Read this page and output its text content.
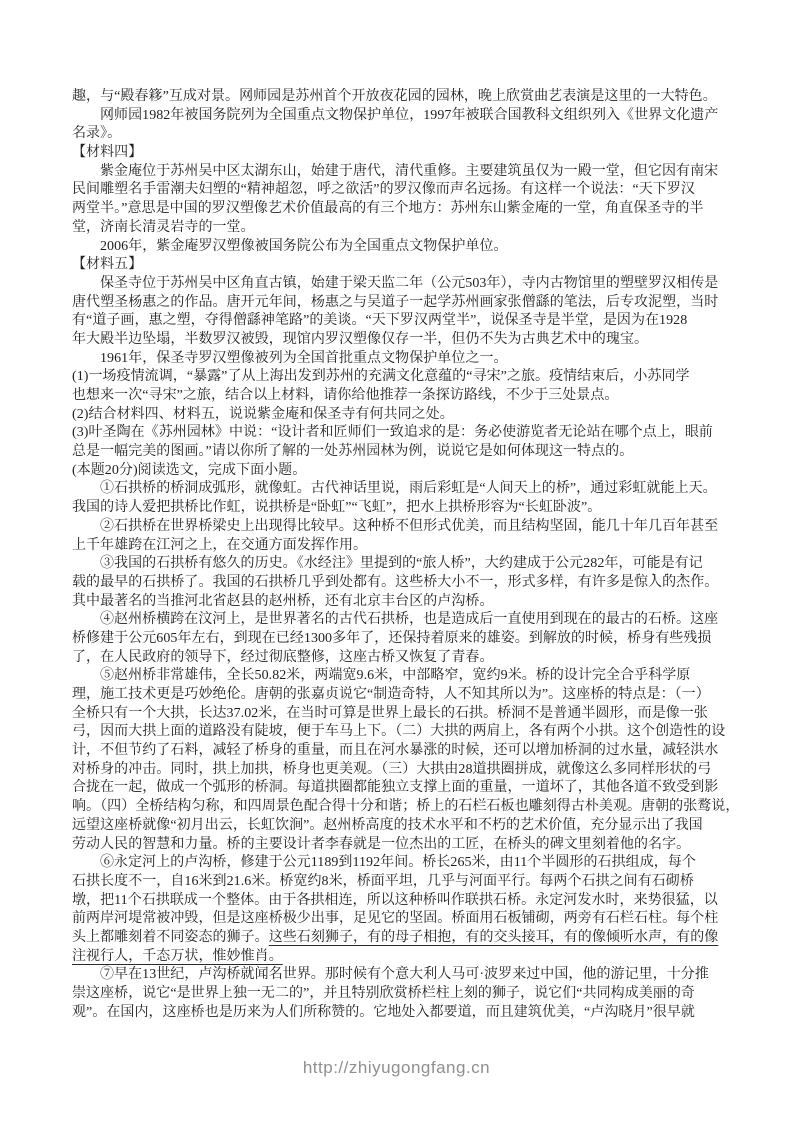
趣，与“殿春簃”互成对景。网师园是苏州首个开放夜花园的园林，晚上欣赏曲艺表演是这里的一大特色。
网师园1982年被国务院列为全国重点文物保护单位，1997年被联合国教科文组织列入《世界文化遗产
名录》。
【材料四】
紫金庵位于苏州吴中区太湖东山，始建于唐代，清代重修。主要建筑虽仅为一殿一堂，但它因有南宋
民间雕塑名手雷潮夫妇塑的“精神超忽，呼之欲活”的罗汉像而声名远扬。有这样一个说法：“天下罗汉
两堂半。”意思是中国的罗汉塑像艺术价值最高的有三个地方：苏州东山紫金庵的一堂，角直保圣寺的半
堂，济南长清灵岩寺的一堂。
2006年，紫金庵罗汉塑像被国务院公布为全国重点文物保护单位。
【材料五】
保圣寺位于苏州吴中区角直古镇，始建于梁天监二年（公元503年），寺内古物馆里的塑壁罗汉相传是
唐代塑圣杨惠之的作品。唐开元年间，杨惠之与吴道子一起学苏州画家张僧繇的笔法，后专攻泥塑，当时
有“道子画，惠之塑，夺得僧繇神笔路”的美谈。“天下罗汉两堂半”，说保圣寺是半堂，是因为在1928
年大殿半边坠塌，半数罗汉被毁，现馆内罗汉塑像仅存一半，但仍不失为古典艺术中的瑰宝。
1961年，保圣寺罗汉塑像被列为全国首批重点文物保护单位之一。
(1)一场疫情流调，“暴露”了从上海出发到苏州的充满文化意蕴的“寻宋”之旅。疫情结束后，小苏同学
也想来一次“寻宋”之旅，结合以上材料，请你给他推荐一条探访路线，不少于三处景点。
(2)结合材料四、材料五，说说紫金庵和保圣寺有何共同之处。
(3)叶圣陶在《苏州园林》中说：“设计者和匠师们一致追求的是：务必使游览者无论站在哪个点上，眼前
总是一幅完美的图画。”请以你所了解的一处苏州园林为例，说说它是如何体现这一特点的。
(本题20分)阅读选文，完成下面小题。
①石拱桥的桥洞成弧形，就像虹。古代神话里说，雨后彩虹是“人间天上的桥”，通过彩虹就能上天。
我国的诗人爱把拱桥比作虹，说拱桥是“卧虹”“飞虹”，把水上拱桥形容为“长虹卧波”。
②石拱桥在世界桥梁史上出现得比较早。这种桥不但形式优美，而且结构坚固，能几十年几百年甚至
上千年雄跨在江河之上，在交通方面发挥作用。
③我国的石拱桥有悠久的历史。《水经注》里提到的“旅人桥”，大约建成于公元282年，可能是有记
载的最早的石拱桥了。我国的石拱桥几乎到处都有。这些桥大小不一，形式多样，有许多是惊人的杰作。
其中最著名的当推河北省赵县的赵州桥，还有北京丰台区的卢沟桥。
④赵州桥横跨在汶河上，是世界著名的古代石拱桥，也是造成后一直使用到现在的最古的石桥。这座
桥修建于公元605年左右，到现在已经1300多年了，还保持着原来的雄姿。到解放的时候，桥身有些残损
了，在人民政府的领导下，经过彻底整修，这座古桥又恢复了青春。
⑤赵州桥非常雄伟，全长50.82米，两端宽9.6米，中部略窄，宽约9米。桥的设计完全合乎科学原
理，施工技术更是巧妙绝伦。唐朝的张嘉贞说它“制造奇特，人不知其所以为”。这座桥的特点是：（一）
全桥只有一个大拱，长达37.02米，在当时可算是世界上最长的石拱。桥洞不是普通半圆形，而是像一张
弓，因而大拱上面的道路没有陡坡，便于车马上下。（二）大拱的两肩上，各有两个小拱。这个创造性的设
计，不但节约了石料，减轻了桥身的重量，而且在河水暴涨的时候，还可以增加桥洞的过水量，减轻洪水
对桥身的冲击。同时，拱上加拱，桥身也更美观。（三）大拱由28道拱圈拼成，就像这么多同样形状的弓
合拢在一起，做成一个弧形的桥洞。每道拱圈都能独立支撑上面的重量，一道坏了，其他各道不致受到影
响。（四）全桥结构匀称，和四周景色配合得十分和谐；桥上的石栏石板也雕刻得古朴美观。唐朝的张鹜说，
远望这座桥就像“初月出云，长虹饮涧”。赵州桥高度的技术水平和不朽的艺术价值，充分显示出了我国
劳动人民的智慧和力量。桥的主要设计者李春就是一位杰出的工匠，在桥头的碑文里刻着他的名字。
⑥永定河上的卢沟桥，修建于公元1189到1192年间。桥长265米，由11个半圆形的石拱组成，每个
石拱长度不一，自16米到21.6米。桥宽约8米，桥面平坦，几乎与河面平行。每两个石拱之间有石砌桥
墩，把11个石拱联成一个整体。由于各拱相连，所以这种桥叫作联拱石桥。永定河发水时，来势很猛，以
前两岸河堤常被冲毁，但是这座桥极少出事，足见它的坚固。桥面用石板铺砌，两旁有石栏石柱。每个柱
头上都雕刻着不同姿态的狮子。这些石刻狮子，有的母子相抱，有的交头接耳，有的像倾听水声，有的像
注视行人，千态万状，惟妙惟肖。
⑦早在13世纪，卢沟桥就闻名世界。那时候有个意大利人马可·波罗来过中国，他的游记里，十分推
崇这座桥，说它“是世界上独一无二的”，并且特别欣赏桥栏柱上刻的狮子，说它们“共同构成美丽的奇
观”。在国内，这座桥也是历来为人们所称赞的。它地处入都要道，而且建筑优美，“卢沟晓月”很早就
http://zhiyugongfang.cn
